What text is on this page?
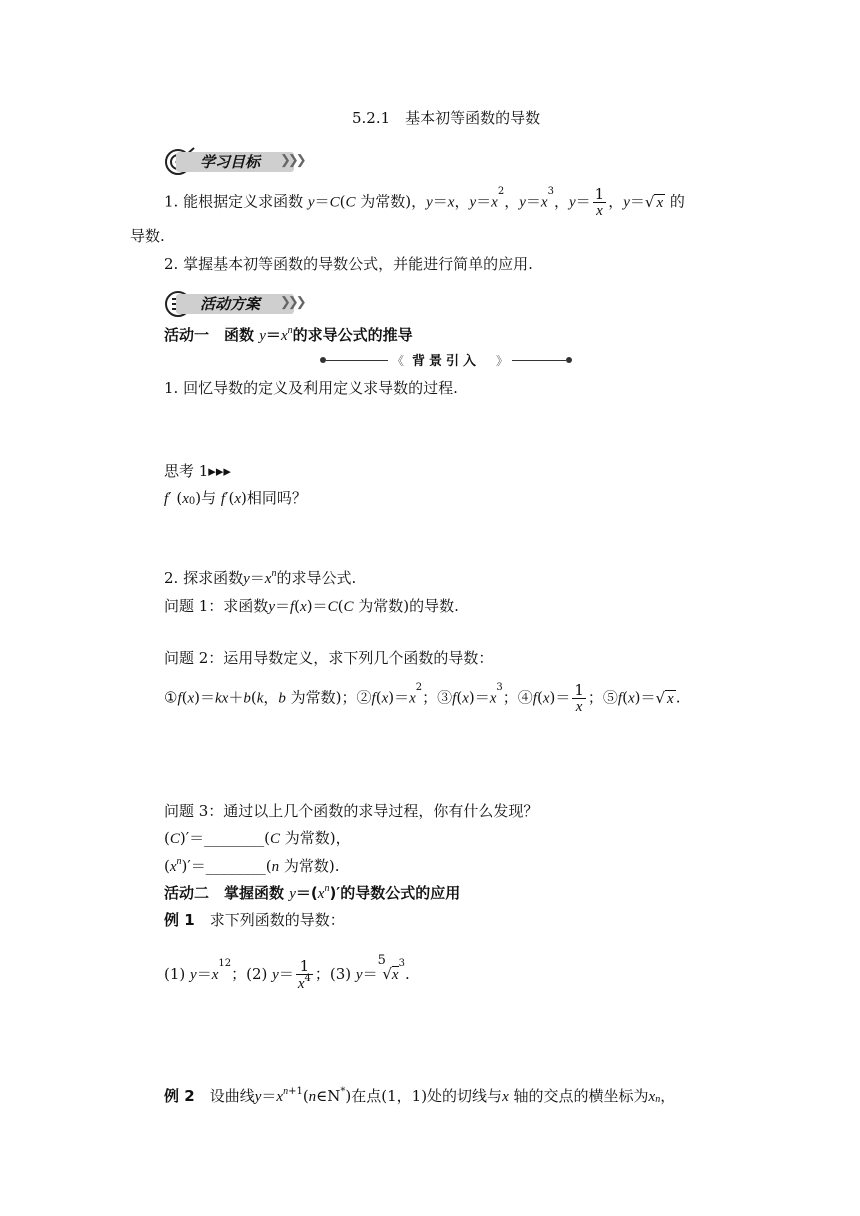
5.2.1　基本初等函数的导数
学习目标 ❯❯❯
1. 能根据定义求函数 y＝C(C 为常数)，y＝x，$y=x^2$，$y=x^3$，$y= \frac{1}{x}$ ，y＝√ x 的
导数.
2. 掌握基本初等函数的导数公式，并能进行简单的应用.
活动方案 ❯❯❯
活动一　函数 $y=x^n$的求导公式的推导
《 背景引入 》
1. 回忆导数的定义及利用定义求导数的过程.
思考 1▸▸▸
f′ $(x_0)$与 f′(x)相同吗？
2. 探求函数$y=x^n$的求导公式.
问题 1：求函数y＝f(x)＝C(C 为常数)的导数.
问题 2：运用导数定义，求下列几个函数的导数：
①f(x)＝kx＋b(k，b 为常数)；$②f(x)=x^2$；$③f(x)=x^3$；④f(x)＝ $\frac{1}{x}$ ；⑤f(x)＝√ x .
问题 3：通过以上几个函数的求导过程，你有什么发现？
(C)′＝________(C 为常数)，
$(x^n)'=\_\_\_\_\_\_\_\_(n$ 为常数).
活动二　掌握函数 $y=(x^n)'$的导数公式的应用
例 1　 求下列函数的导数：
(1) $y=x^{12}$；(2) $y= \frac{1}{x^4}$ ；(3) y＝
5
$√x^3$.
例 2　 设曲线$y=x^{n+1}(n\in N^*)$在点(1，1)处的切线与x 轴的交点的横坐标为$x_n$，
